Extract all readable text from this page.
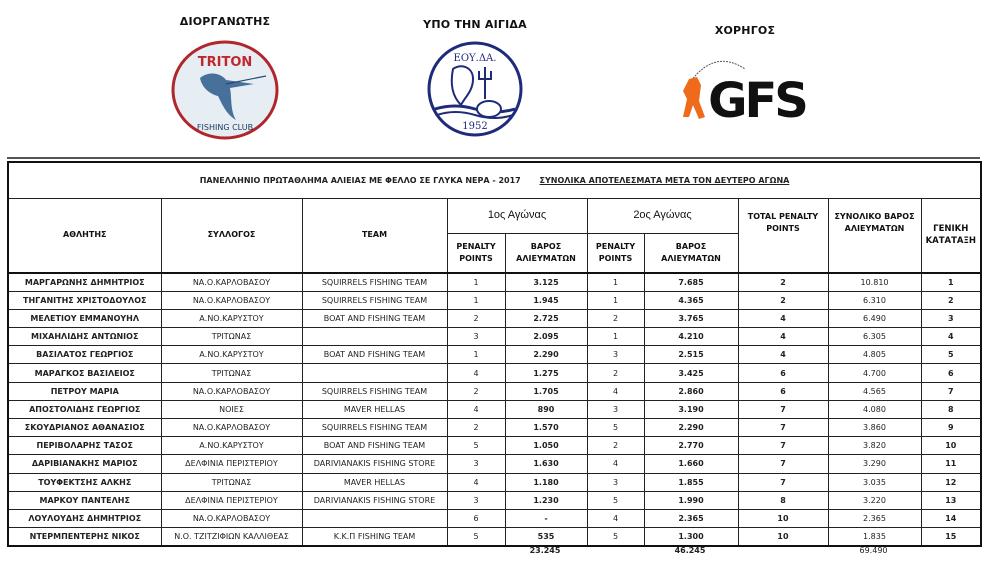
ΔΙΟΡΓΑΝΩΤΗΣ
TRITON
FISHING CLUB
ΥΠΟ ΤΗΝ ΑΙΓΙΔΑ
ΕΟΥ.ΔΑ.
1952

ΧΟΡΗΓΟΣ
GFS
ΠΑΝΕΛΛΗΝΙΟ ΠΡΩΤΑΘΛΗΜΑ ΑΛΙΕΙΑΣ ΜΕ ΦΕΛΛΟ ΣΕ ΓΛΥΚΑ ΝΕΡΑ - 2017 ΣΥΝΟΛΙΚΑ ΑΠΟΤΕΛΕΣΜΑΤΑ ΜΕΤΑ ΤΟΝ ΔΕΥΤΕΡΟ ΑΓΩΝΑ									
ΑΘΛΗΤΗΣ	ΣΥΛΛΟΓΟΣ	TEAM	1ος Αγώνας		2ος Αγώνας		TOTAL PENALTY POINTS	ΣΥΝΟΛΙΚΟ ΒΑΡΟΣ ΑΛΙΕΥΜΑΤΩΝ	ΓΕΝΙΚΗ ΚΑΤΑΤΑΞΗ
			PENALTY POINTS	ΒΑΡΟΣ ΑΛΙΕΥΜΑΤΩΝ	PENALTY POINTS	ΒΑΡΟΣ ΑΛΙΕΥΜΑΤΩΝ			
ΜΑΡΓΑΡΩΝΗΣ ΔΗΜΗΤΡΙΟΣ	ΝΑ.Ο.ΚΑΡΛΟΒΑΣΟΥ	SQUIRRELS FISHING TEAM	1	3.125	1	7.685	2	10.810	1
ΤΗΓΑΝΙΤΗΣ ΧΡΙΣΤΟΔΟΥΛΟΣ	ΝΑ.Ο.ΚΑΡΛΟΒΑΣΟΥ	SQUIRRELS FISHING TEAM	1	1.945	1	4.365	2	6.310	2
ΜΕΛΕΤΙΟΥ ΕΜΜΑΝΟΥΗΛ	Α.ΝΟ.ΚΑΡΥΣΤΟΥ	BOAT AND FISHING TEAM	2	2.725	2	3.765	4	6.490	3
ΜΙΧΑΗΛΙΔΗΣ ΑΝΤΩΝΙΟΣ	ΤΡΙΤΩΝΑΣ		3	2.095	1	4.210	4	6.305	4
ΒΑΣΙΛΑΤΟΣ ΓΕΩΡΓΙΟΣ	Α.ΝΟ.ΚΑΡΥΣΤΟΥ	BOAT AND FISHING TEAM	1	2.290	3	2.515	4	4.805	5
ΜΑΡΑΓΚΟΣ ΒΑΣΙΛΕΙΟΣ	ΤΡΙΤΩΝΑΣ		4	1.275	2	3.425	6	4.700	6
ΠΕΤΡΟΥ ΜΑΡΙΑ	ΝΑ.Ο.ΚΑΡΛΟΒΑΣΟΥ	SQUIRRELS FISHING TEAM	2	1.705	4	2.860	6	4.565	7
ΑΠΟΣΤΟΛΙΔΗΣ ΓΕΩΡΓΙΟΣ	ΝΟΙΕΣ	MAVER HELLAS	4	890	3	3.190	7	4.080	8
ΣΚΟΥΔΡΙΑΝΟΣ ΑΘΑΝΑΣΙΟΣ	ΝΑ.Ο.ΚΑΡΛΟΒΑΣΟΥ	SQUIRRELS FISHING TEAM	2	1.570	5	2.290	7	3.860	9
ΠΕΡΙΒΟΛΑΡΗΣ ΤΑΣΟΣ	Α.ΝΟ.ΚΑΡΥΣΤΟΥ	BOAT AND FISHING TEAM	5	1.050	2	2.770	7	3.820	10
ΔΑΡΙΒΙΑΝΑΚΗΣ ΜΑΡΙΟΣ	ΔΕΛΦΙΝΙΑ ΠΕΡΙΣΤΕΡΙΟΥ	DARIVIANAKIS FISHING STORE	3	1.630	4	1.660	7	3.290	11
ΤΟΥΦΕΚΤΣΗΣ ΑΛΚΗΣ	ΤΡΙΤΩΝΑΣ	MAVER HELLAS	4	1.180	3	1.855	7	3.035	12
ΜΑΡΚΟΥ ΠΑΝΤΕΛΗΣ	ΔΕΛΦΙΝΙΑ ΠΕΡΙΣΤΕΡΙΟΥ	DARIVIANAKIS FISHING STORE	3	1.230	5	1.990	8	3.220	13
ΛΟΥΛΟΥΔΗΣ ΔΗΜΗΤΡΙΟΣ	ΝΑ.Ο.ΚΑΡΛΟΒΑΣΟΥ		6	-	4	2.365	10	2.365	14
ΝΤΕΡΜΠΕΝΤΕΡΗΣ ΝΙΚΟΣ	Ν.Ο. ΤΖΙΤΖΙΦΙΩΝ ΚΑΛΛΙΘΕΑΣ	Κ.Κ.Π FISHING TEAM	5	535	5	1.300	10	1.835	15
23.245	46.245	69.490
